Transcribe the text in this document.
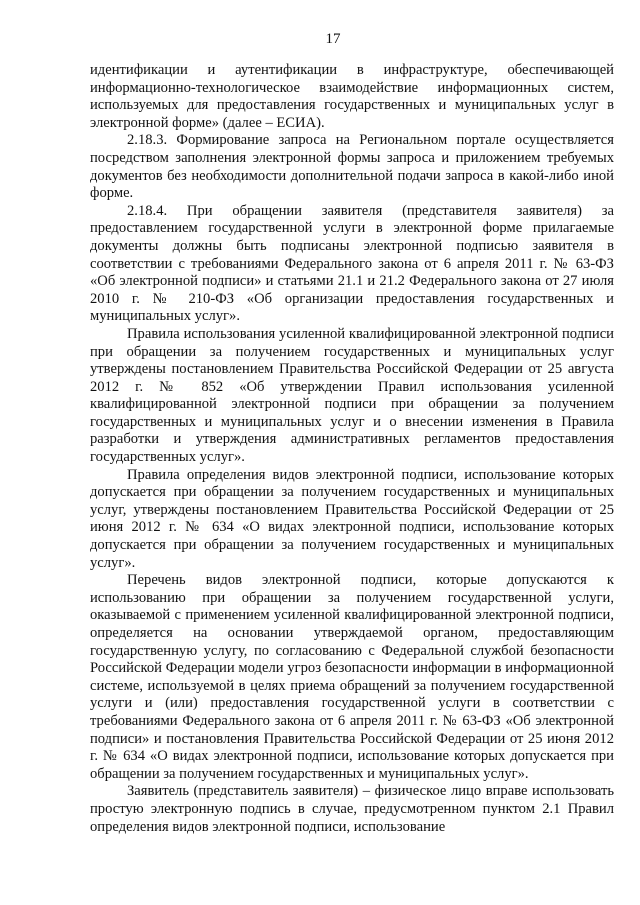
17

идентификации и аутентификации в инфраструктуре, обеспечивающей информационно-технологическое взаимодействие информационных систем, используемых для предоставления государственных и муниципальных услуг в электронной форме» (далее – ЕСИА).

2.18.3. Формирование запроса на Региональном портале осуществляется посредством заполнения электронной формы запроса и приложением требуемых документов без необходимости дополнительной подачи запроса в какой-либо иной форме.

2.18.4. При обращении заявителя (представителя заявителя) за предоставлением государственной услуги в электронной форме прилагаемые документы должны быть подписаны электронной подписью заявителя в соответствии с требованиями Федерального закона от 6 апреля 2011 г. № 63-ФЗ «Об электронной подписи» и статьями 21.1 и 21.2 Федерального закона от 27 июля 2010 г. № 210-ФЗ «Об организации предоставления государственных и муниципальных услуг».

Правила использования усиленной квалифицированной электронной подписи при обращении за получением государственных и муниципальных услуг утверждены постановлением Правительства Российской Федерации от 25 августа 2012 г. № 852 «Об утверждении Правил использования усиленной квалифицированной электронной подписи при обращении за получением государственных и муниципальных услуг и о внесении изменения в Правила разработки и утверждения административных регламентов предоставления государственных услуг».

Правила определения видов электронной подписи, использование которых допускается при обращении за получением государственных и муниципальных услуг, утверждены постановлением Правительства Российской Федерации от 25 июня 2012 г. № 634 «О видах электронной подписи, использование которых допускается при обращении за получением государственных и муниципальных услуг».

Перечень видов электронной подписи, которые допускаются к использованию при обращении за получением государственной услуги, оказываемой с применением усиленной квалифицированной электронной подписи, определяется на основании утверждаемой органом, предоставляющим государственную услугу, по согласованию с Федеральной службой безопасности Российской Федерации модели угроз безопасности информации в информационной системе, используемой в целях приема обращений за получением государственной услуги и (или) предоставления государственной услуги в соответствии с требованиями Федерального закона от 6 апреля 2011 г. № 63-ФЗ «Об электронной подписи» и постановления Правительства Российской Федерации от 25 июня 2012 г. № 634 «О видах электронной подписи, использование которых допускается при обращении за получением государственных и муниципальных услуг».

Заявитель (представитель заявителя) – физическое лицо вправе использовать простую электронную подпись в случае, предусмотренном пунктом 2.1 Правил определения видов электронной подписи, использование
